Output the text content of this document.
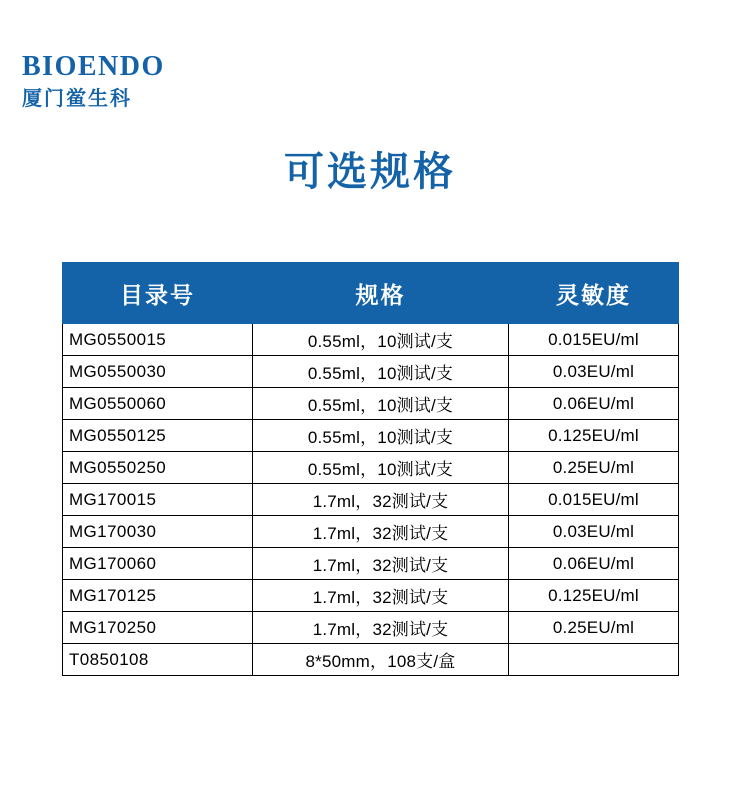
BIOENDO
厦门鲎生科
可选规格
目录号	规格	灵敏度
MG0550015	0.55ml，10测试/支	0.015EU/ml
MG0550030	0.55ml，10测试/支	0.03EU/ml
MG0550060	0.55ml，10测试/支	0.06EU/ml
MG0550125	0.55ml，10测试/支	0.125EU/ml
MG0550250	0.55ml，10测试/支	0.25EU/ml
MG170015	1.7ml，32测试/支	0.015EU/ml
MG170030	1.7ml，32测试/支	0.03EU/ml
MG170060	1.7ml，32测试/支	0.06EU/ml
MG170125	1.7ml，32测试/支	0.125EU/ml
MG170250	1.7ml，32测试/支	0.25EU/ml
T0850108	8*50mm，108支/盒	
